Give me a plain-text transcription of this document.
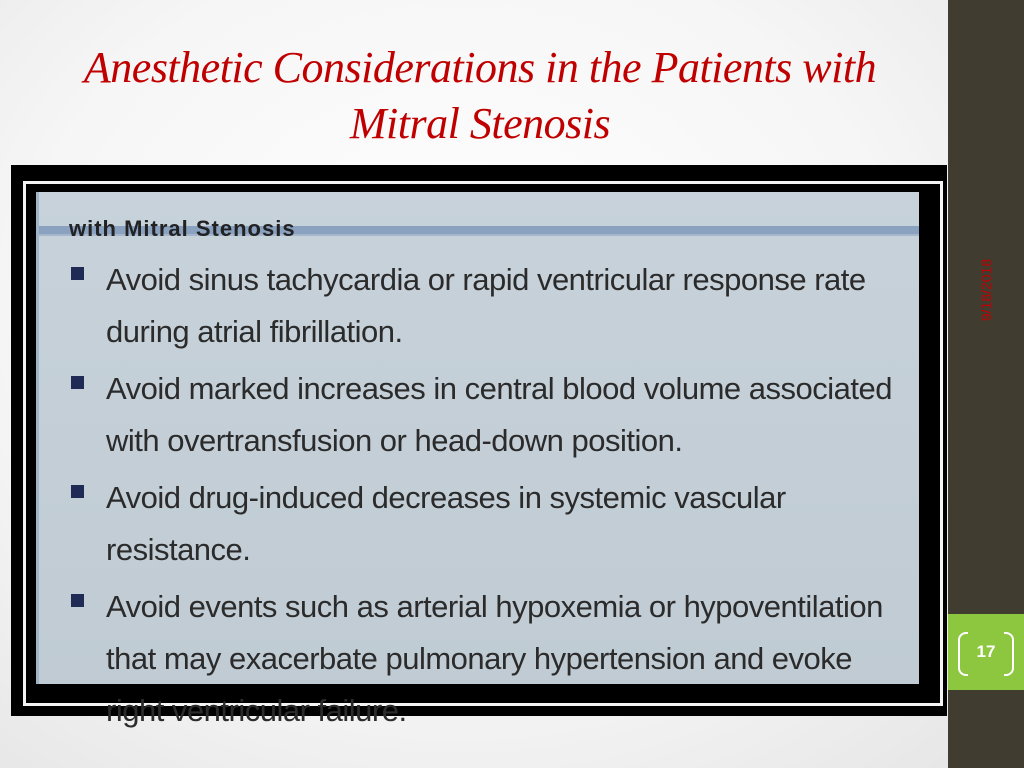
Anesthetic Considerations in the Patients with Mitral Stenosis
9/18/2018
17
with Mitral Stenosis
Avoid sinus tachycardia or rapid ventricular response rate during atrial fibrillation.
Avoid marked increases in central blood volume associated with overtransfusion or head-down position.
Avoid drug-induced decreases in systemic vascular resistance.
Avoid events such as arterial hypoxemia or hypoventilation that may exacerbate pulmonary hypertension and evoke right ventricular failure.
